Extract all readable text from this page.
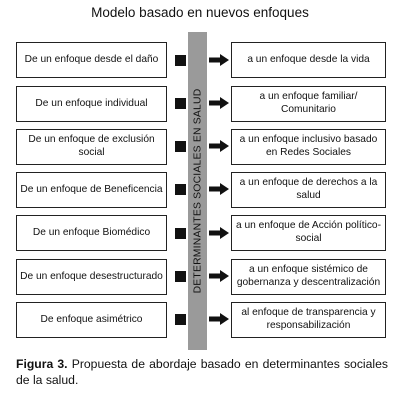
Modelo basado en nuevos enfoques
DETERMINANTES SOCIALES EN SALUD
De un enfoque desde el daño
De un enfoque individual
De un enfoque de exclusión social
De un enfoque de Beneficencia
De un enfoque Biomédico
De un enfoque desestructurado
De enfoque asimétrico
a un enfoque desde la vida
a un enfoque familiar/
Comunitario
a un enfoque inclusivo basado
en Redes Sociales
a un enfoque de derechos a la
salud
a un enfoque de Acción político-
social
a un enfoque sistémico de
gobernanza y descentralización
al enfoque de transparencia y
responsabilización
Figura 3. Propuesta de abordaje basado en determinantes sociales de la salud.
